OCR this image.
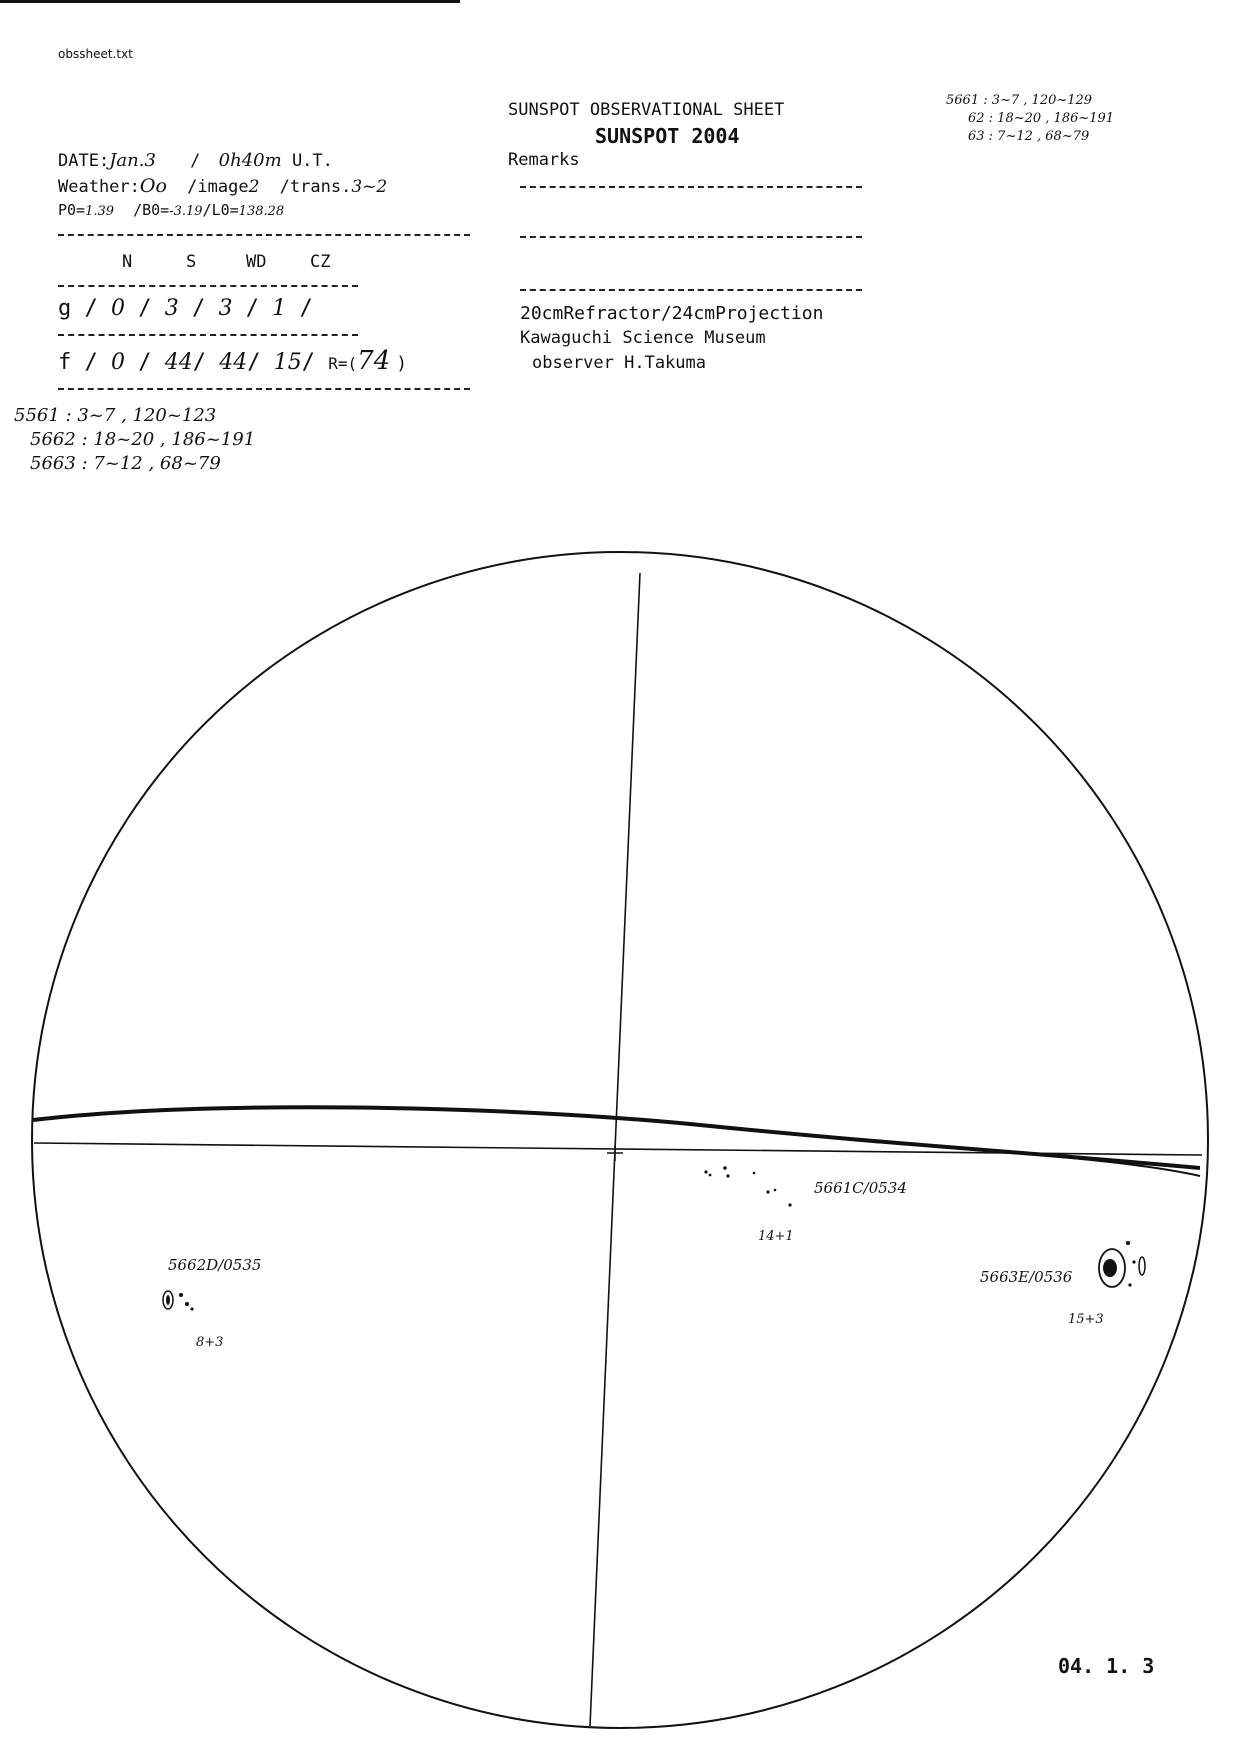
obssheet.txt
SUNSPOT OBSERVATIONAL SHEET
SUNSPOT 2004
Remarks
20cmRefractor/24cmProjection
Kawaguchi Science Museum
observer H.Takuma
DATE:Jan.3 / 0h40m U.T.
Weather:Oo /image2 /trans.3~2
P0=1.39 /B0=-3.19/L0=138.28
N	S	WD	CZ
g / 0 / 3 / 3 / 1 /
f / 0 / 44/ 44/ 15/ R=(74 )
5561 : 3~7 , 120~123
5662 : 18~20 , 186~191
5663 : 7~12 , 68~79
5661 : 3~7 , 120~129
62 : 18~20 , 186~191
63 : 7~12 , 68~79
5661C/0534
14+1
5662D/0535
8+3
5663E/0536
15+3
04. 1. 3
